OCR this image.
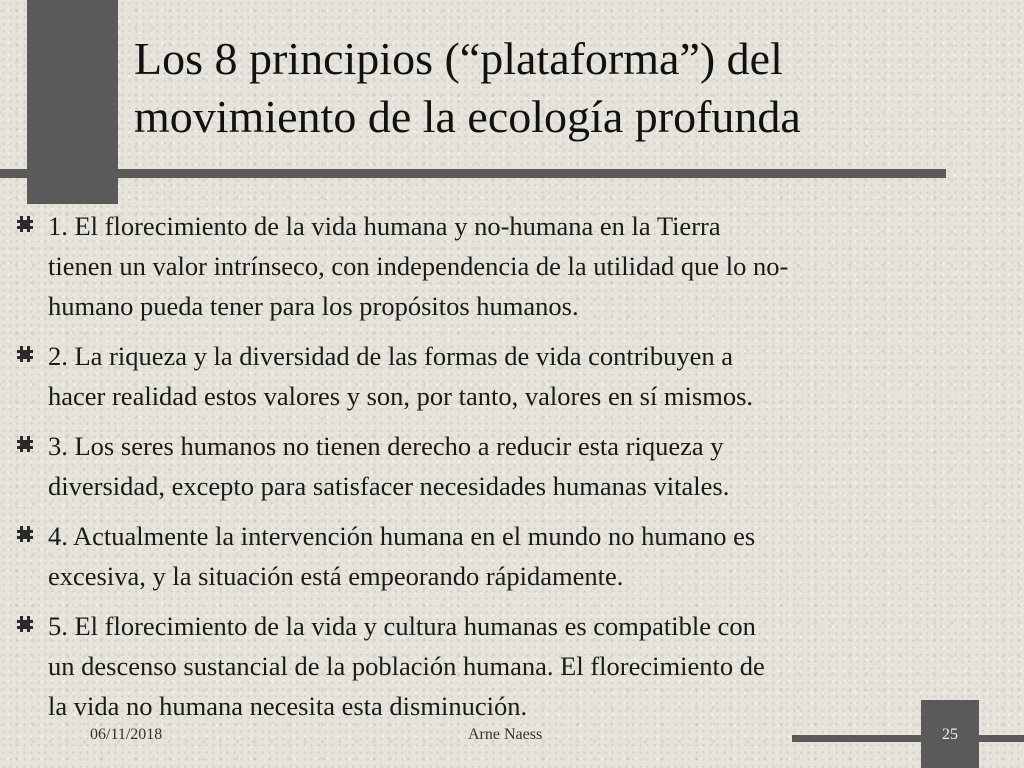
Los 8 principios (“plataforma”) del
movimiento de la ecología profunda
1. El florecimiento de la vida humana y no-humana en la Tierra
tienen un valor intrínseco, con independencia de la utilidad que lo no-
humano pueda tener para los propósitos humanos.
2. La riqueza y la diversidad de las formas de vida contribuyen a
hacer realidad estos valores y son, por tanto, valores en sí mismos.
3. Los seres humanos no tienen derecho a reducir esta riqueza y
diversidad, excepto para satisfacer necesidades humanas vitales.
4. Actualmente la intervención humana en el mundo no humano es
excesiva, y la situación está empeorando rápidamente.
5. El florecimiento de la vida y cultura humanas es compatible con
un descenso sustancial de la población humana. El florecimiento de
la vida no humana necesita esta disminución.
06/11/2018	Arne Naess	25
